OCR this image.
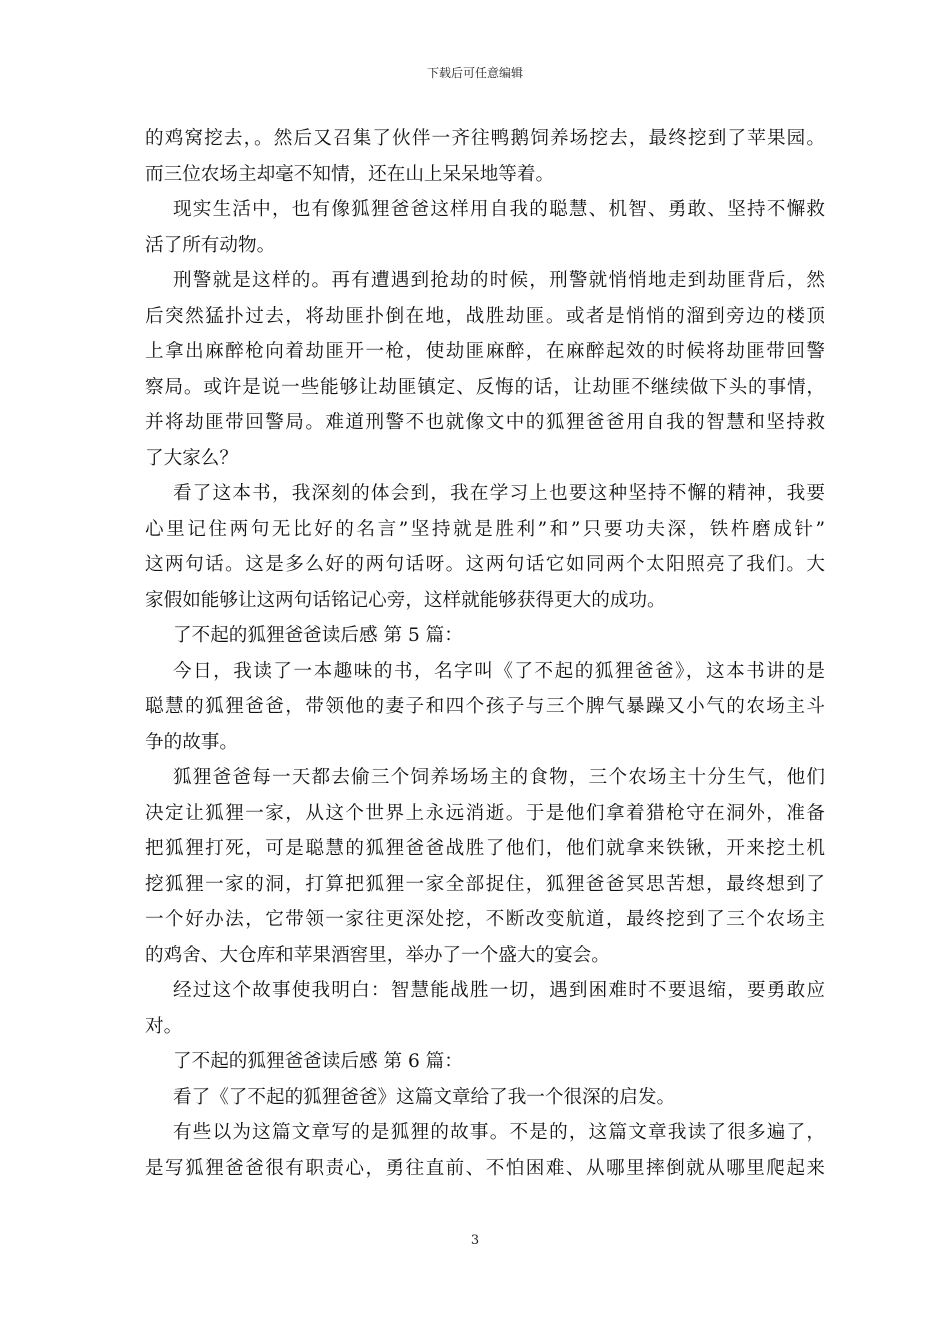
下载后可任意编辑
的鸡窝挖去，。然后又召集了伙伴一齐往鸭鹅饲养场挖去，最终挖到了苹果园。
而三位农场主却毫不知情，还在山上呆呆地等着。
现实生活中，也有像狐狸爸爸这样用自我的聪慧、机智、勇敢、坚持不懈救
活了所有动物。
刑警就是这样的。再有遭遇到抢劫的时候，刑警就悄悄地走到劫匪背后，然
后突然猛扑过去，将劫匪扑倒在地，战胜劫匪。或者是悄悄的溜到旁边的楼顶
上拿出麻醉枪向着劫匪开一枪，使劫匪麻醉，在麻醉起效的时候将劫匪带回警
察局。或许是说一些能够让劫匪镇定、反悔的话，让劫匪不继续做下头的事情，
并将劫匪带回警局。难道刑警不也就像文中的狐狸爸爸用自我的智慧和坚持救
了大家么？
看了这本书，我深刻的体会到，我在学习上也要这种坚持不懈的精神，我要
心里记住两句无比好的名言”坚持就是胜利”和”只要功夫深，铁杵磨成针”
这两句话。这是多么好的两句话呀。这两句话它如同两个太阳照亮了我们。大
家假如能够让这两句话铭记心旁，这样就能够获得更大的成功。
了不起的狐狸爸爸读后感 第 5 篇：
今日，我读了一本趣味的书，名字叫《了不起的狐狸爸爸》，这本书讲的是
聪慧的狐狸爸爸，带领他的妻子和四个孩子与三个脾气暴躁又小气的农场主斗
争的故事。
狐狸爸爸每一天都去偷三个饲养场场主的食物，三个农场主十分生气，他们
决定让狐狸一家，从这个世界上永远消逝。于是他们拿着猎枪守在洞外，准备
把狐狸打死，可是聪慧的狐狸爸爸战胜了他们，他们就拿来铁锹，开来挖土机
挖狐狸一家的洞，打算把狐狸一家全部捉住，狐狸爸爸冥思苦想，最终想到了
一个好办法，它带领一家往更深处挖，不断改变航道，最终挖到了三个农场主
的鸡舍、大仓库和苹果酒窖里，举办了一个盛大的宴会。
经过这个故事使我明白：智慧能战胜一切，遇到困难时不要退缩，要勇敢应
对。
了不起的狐狸爸爸读后感 第 6 篇：
看了《了不起的狐狸爸爸》这篇文章给了我一个很深的启发。
有些以为这篇文章写的是狐狸的故事。不是的，这篇文章我读了很多遍了，
是写狐狸爸爸很有职责心，勇往直前、不怕困难、从哪里摔倒就从哪里爬起来
3
